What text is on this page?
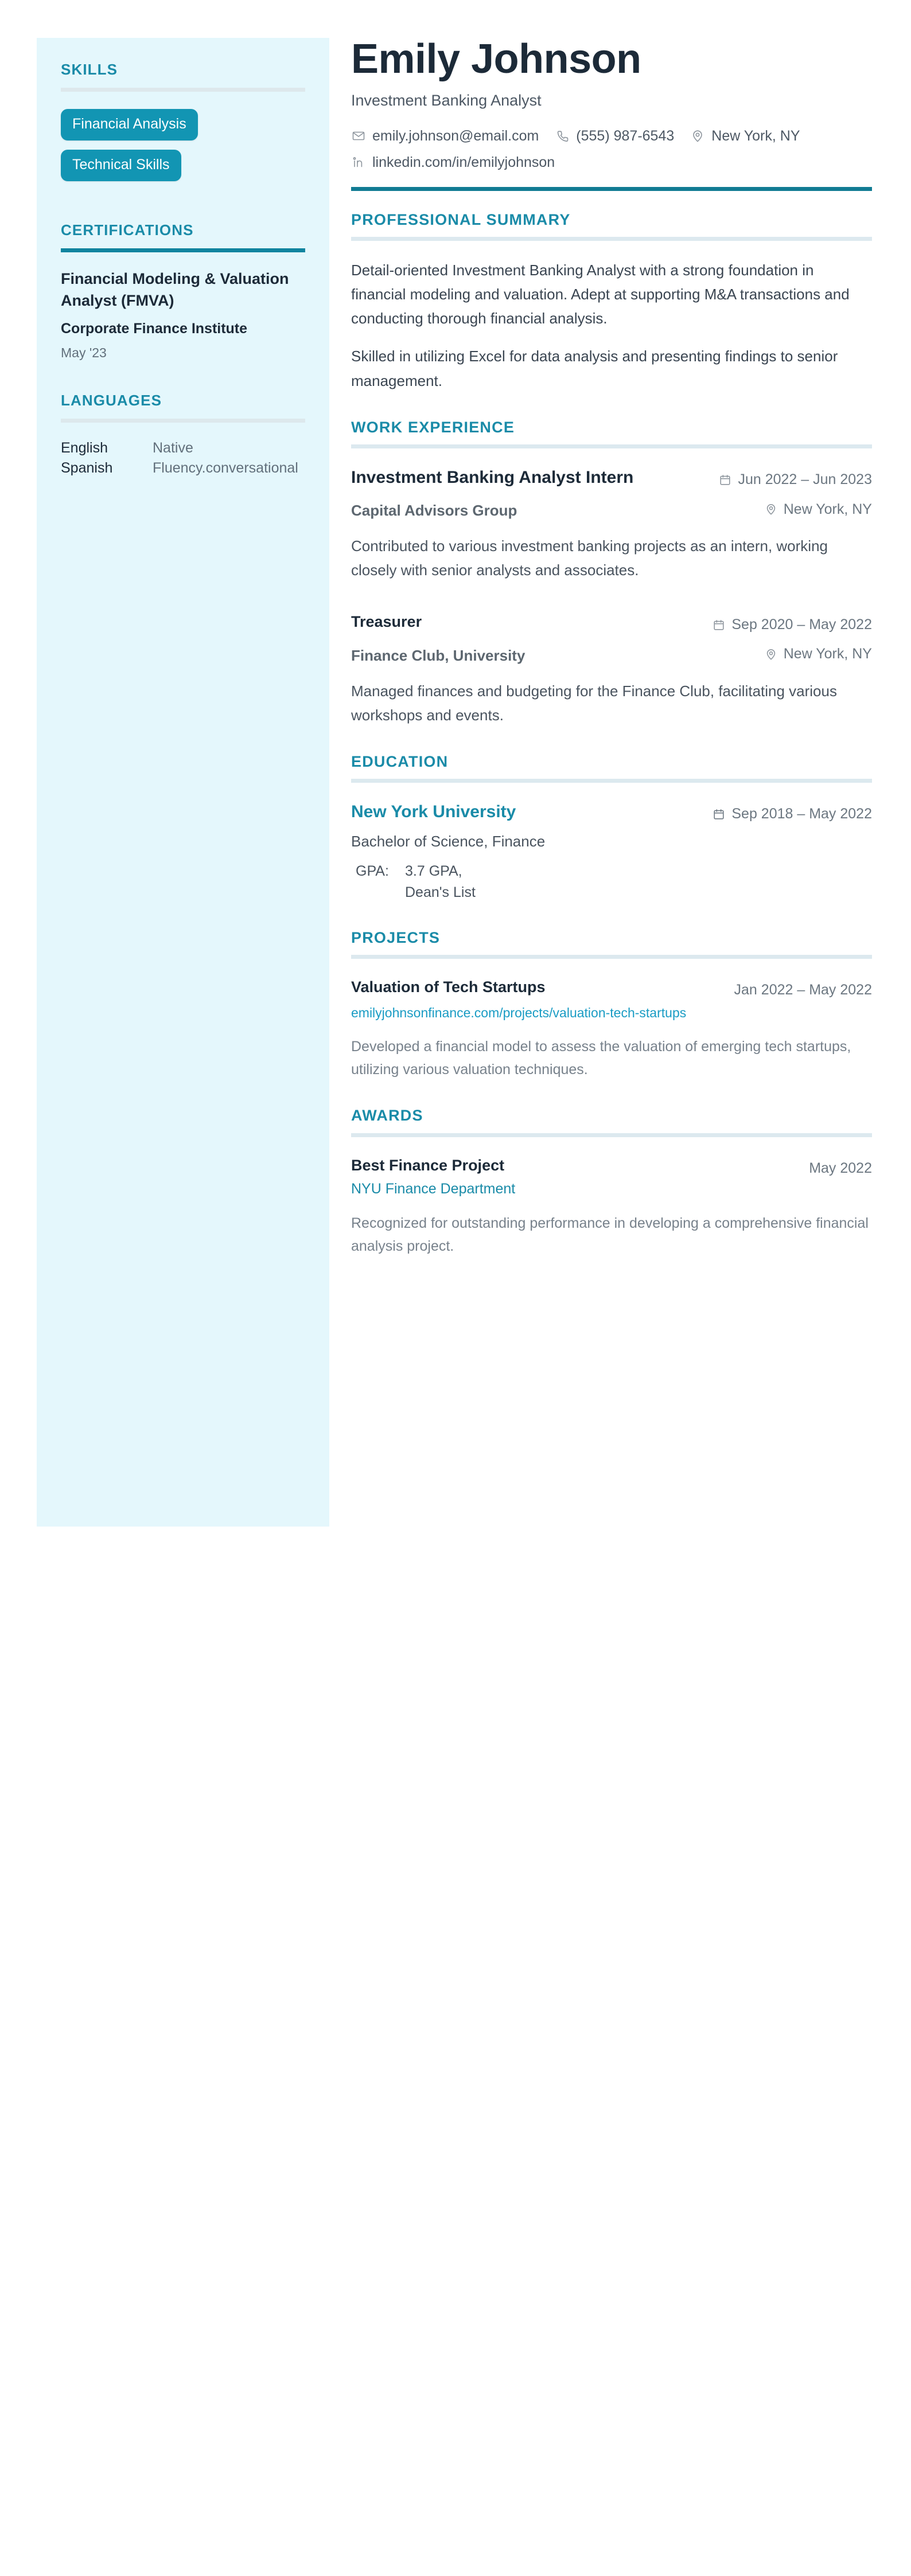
SKILLS
Financial Analysis
Technical Skills
CERTIFICATIONS
Financial Modeling & Valuation Analyst (FMVA)
Corporate Finance Institute
May '23
LANGUAGES
English	Native
Spanish	Fluency.conversational
Emily Johnson
Investment Banking Analyst
emily.johnson@email.com	(555) 987-6543	New York, NY
linkedin.com/in/emilyjohnson
PROFESSIONAL SUMMARY

Detail-oriented Investment Banking Analyst with a strong foundation in financial modeling and valuation. Adept at supporting M&A transactions and conducting thorough financial analysis.

Skilled in utilizing Excel for data analysis and presenting findings to senior management.

WORK EXPERIENCE
Investment Banking Analyst Intern	Jun 2022 – Jun 2023
Capital Advisors Group	New York, NY

Contributed to various investment banking projects as an intern, working closely with senior analysts and associates.

Treasurer	Sep 2020 – May 2022
Finance Club, University	New York, NY

Managed finances and budgeting for the Finance Club, facilitating various workshops and events.

EDUCATION
New York University	Sep 2018 – May 2022
Bachelor of Science, Finance
GPA:	3.7 GPA,
Dean's List
PROJECTS
Valuation of Tech Startups	Jan 2022 – May 2022
emilyjohnsonfinance.com/projects/valuation-tech-startups

Developed a financial model to assess the valuation of emerging tech startups, utilizing various valuation techniques.

AWARDS
Best Finance Project	May 2022
NYU Finance Department

Recognized for outstanding performance in developing a comprehensive financial analysis project.
